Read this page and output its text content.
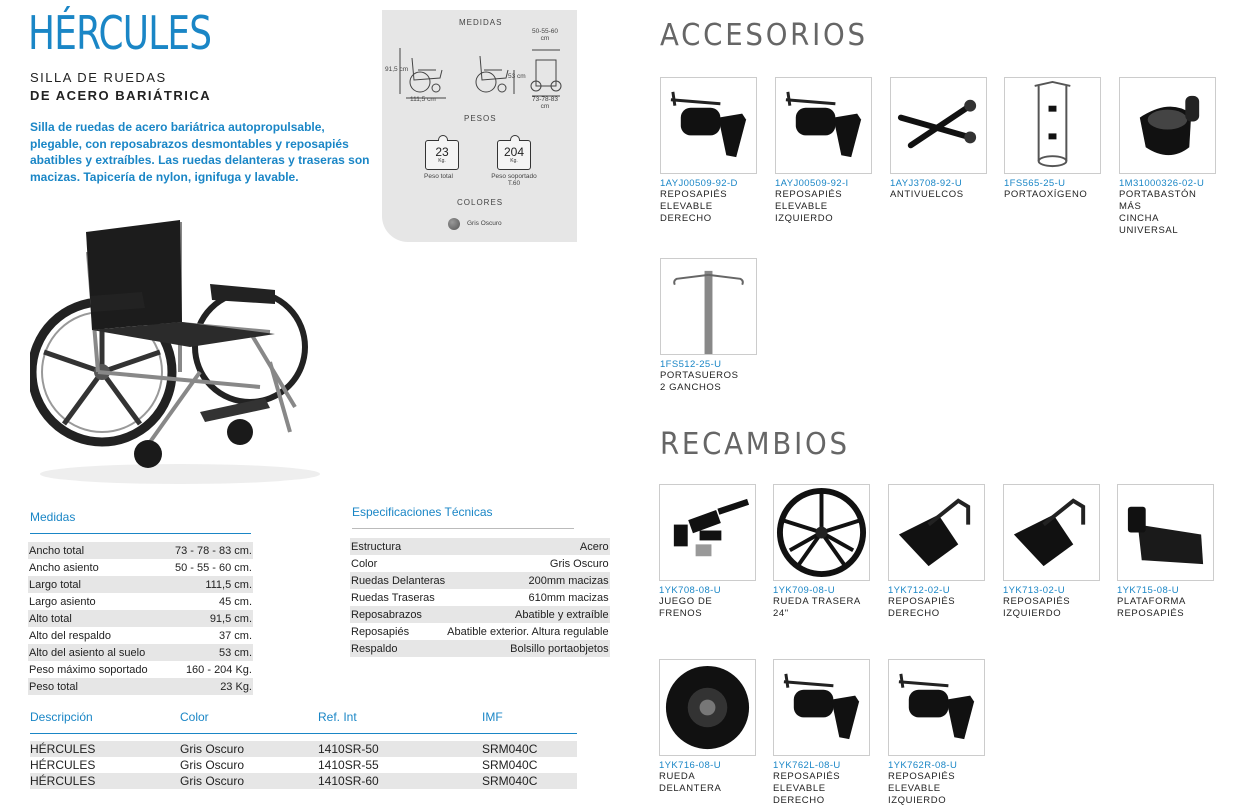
HÉRCULES
SILLA DE RUEDAS
DE ACERO BARIÁTRICA
Silla de ruedas de acero bariátrica autopropulsable, plegable, con reposabrazos desmontables y reposapiés abatibles y extraíbles. Las ruedas delanteras y traseras son macizas. Tapicería de nylon, ignifuga y lavable.
MEDIDAS
91,5 cm
111,5 cm
53 cm
50-55-60
cm
73-78-83
cm
PESOS
23
Kg.
Peso total
204
Kg.
Peso soportado
T.60
COLORES
Gris Oscuro
Medidas
Ancho total	73 - 78 - 83 cm.
Ancho asiento	50 - 55 - 60 cm.
Largo total	111,5 cm.
Largo asiento	45 cm.
Alto total	91,5 cm.
Alto del respaldo	37 cm.
Alto del asiento al suelo	53 cm.
Peso máximo soportado	160 - 204 Kg.
Peso total	23 Kg.
Especificaciones Técnicas
Estructura	Acero
Color	Gris Oscuro
Ruedas Delanteras	200mm macizas
Ruedas Traseras	610mm macizas
Reposabrazos	Abatible y extraíble
Reposapiés	Abatible exterior. Altura regulable
Respaldo	Bolsillo portaobjetos
Descripción	Color	Ref. Int	IMF
HÉRCULES	Gris Oscuro	1410SR-50	SRM040C
HÉRCULES	Gris Oscuro	1410SR-55	SRM040C
HÉRCULES	Gris Oscuro	1410SR-60	SRM040C
ACCESORIOS
1AYJ00509-92-D
REPOSAPIÉS
ELEVABLE
DERECHO
1AYJ00509-92-I
REPOSAPIÉS
ELEVABLE
IZQUIERDO
1AYJ3708-92-U
ANTIVUELCOS
1FS565-25-U
PORTAOXÍGENO
1M31000326-02-U
PORTABASTÓN MÁS
CINCHA UNIVERSAL
1FS512-25-U
PORTASUEROS
2 GANCHOS
RECAMBIOS
1YK708-08-U
JUEGO DE FRENOS
1YK709-08-U
RUEDA TRASERA
24"
1YK712-02-U
REPOSAPIÉS
DERECHO
1YK713-02-U
REPOSAPIÉS
IZQUIERDO
1YK715-08-U
PLATAFORMA
REPOSAPIÉS
1YK716-08-U
RUEDA DELANTERA
1YK762L-08-U
REPOSAPIÉS
ELEVABLE
DERECHO
1YK762R-08-U
REPOSAPIÉS
ELEVABLE
IZQUIERDO
